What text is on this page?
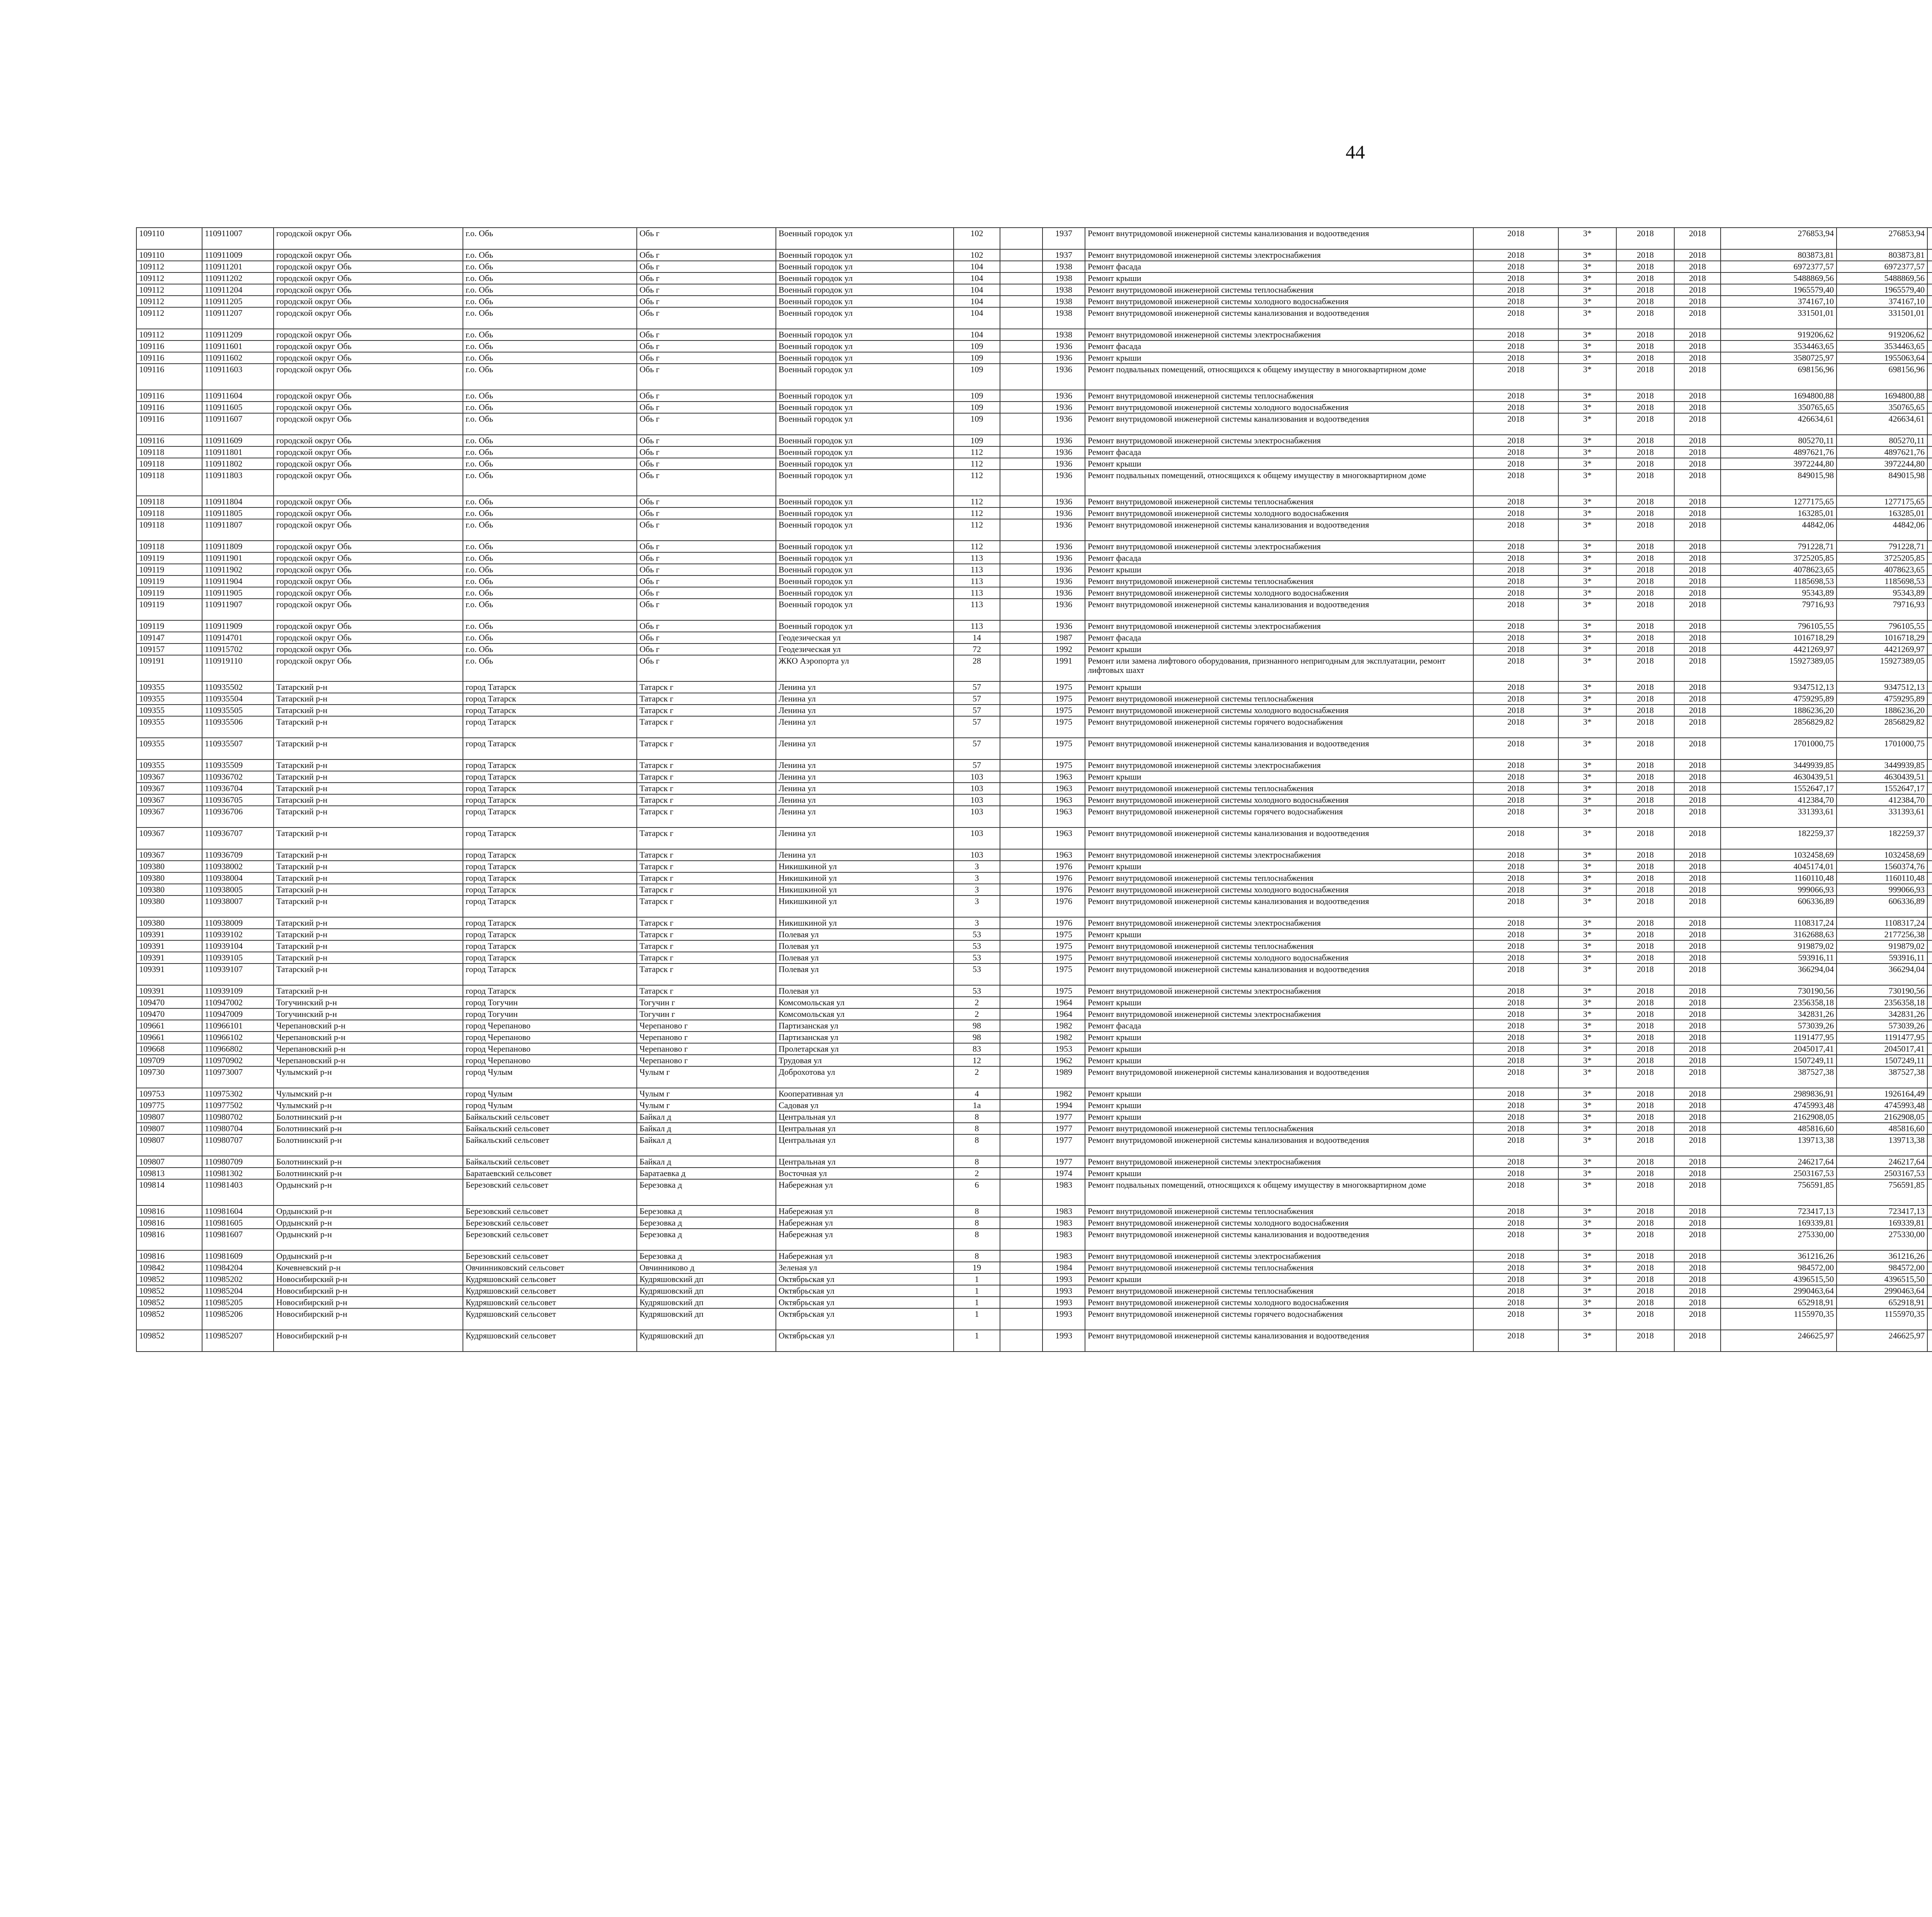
44
109110	110911007	городской округ Обь	г.о. Обь	Обь г	Военный городок ул	102		1937	Ремонт внутридомовой инженерной системы канализования и водоотведения	2018	3*	2018	2018	276853,94	276853,94							
109110	110911009	городской округ Обь	г.о. Обь	Обь г	Военный городок ул	102		1937	Ремонт внутридомовой инженерной системы электроснабжения	2018	3*	2018	2018	803873,81	803873,81							
109112	110911201	городской округ Обь	г.о. Обь	Обь г	Военный городок ул	104		1938	Ремонт фасада	2018	3*	2018	2018	6972377,57	6972377,57							
109112	110911202	городской округ Обь	г.о. Обь	Обь г	Военный городок ул	104		1938	Ремонт крыши	2018	3*	2018	2018	5488869,56	5488869,56							
109112	110911204	городской округ Обь	г.о. Обь	Обь г	Военный городок ул	104		1938	Ремонт внутридомовой инженерной системы теплоснабжения	2018	3*	2018	2018	1965579,40	1965579,40							
109112	110911205	городской округ Обь	г.о. Обь	Обь г	Военный городок ул	104		1938	Ремонт внутридомовой инженерной системы холодного водоснабжения	2018	3*	2018	2018	374167,10	374167,10							
109112	110911207	городской округ Обь	г.о. Обь	Обь г	Военный городок ул	104		1938	Ремонт внутридомовой инженерной системы канализования и водоотведения	2018	3*	2018	2018	331501,01	331501,01							
109112	110911209	городской округ Обь	г.о. Обь	Обь г	Военный городок ул	104		1938	Ремонт внутридомовой инженерной системы электроснабжения	2018	3*	2018	2018	919206,62	919206,62							
109116	110911601	городской округ Обь	г.о. Обь	Обь г	Военный городок ул	109		1936	Ремонт фасада	2018	3*	2018	2018	3534463,65	3534463,65							
109116	110911602	городской округ Обь	г.о. Обь	Обь г	Военный городок ул	109		1936	Ремонт крыши	2018	3*	2018	2018	3580725,97	1955063,64							
109116	110911603	городской округ Обь	г.о. Обь	Обь г	Военный городок ул	109		1936	Ремонт подвальных помещений, относящихся к общему имуществу в многоквартирном доме	2018	3*	2018	2018	698156,96	698156,96							
109116	110911604	городской округ Обь	г.о. Обь	Обь г	Военный городок ул	109		1936	Ремонт внутридомовой инженерной системы теплоснабжения	2018	3*	2018	2018	1694800,88	1694800,88							
109116	110911605	городской округ Обь	г.о. Обь	Обь г	Военный городок ул	109		1936	Ремонт внутридомовой инженерной системы холодного водоснабжения	2018	3*	2018	2018	350765,65	350765,65							
109116	110911607	городской округ Обь	г.о. Обь	Обь г	Военный городок ул	109		1936	Ремонт внутридомовой инженерной системы канализования и водоотведения	2018	3*	2018	2018	426634,61	426634,61							
109116	110911609	городской округ Обь	г.о. Обь	Обь г	Военный городок ул	109		1936	Ремонт внутридомовой инженерной системы электроснабжения	2018	3*	2018	2018	805270,11	805270,11							
109118	110911801	городской округ Обь	г.о. Обь	Обь г	Военный городок ул	112		1936	Ремонт фасада	2018	3*	2018	2018	4897621,76	4897621,76							
109118	110911802	городской округ Обь	г.о. Обь	Обь г	Военный городок ул	112		1936	Ремонт крыши	2018	3*	2018	2018	3972244,80	3972244,80							
109118	110911803	городской округ Обь	г.о. Обь	Обь г	Военный городок ул	112		1936	Ремонт подвальных помещений, относящихся к общему имуществу в многоквартирном доме	2018	3*	2018	2018	849015,98	849015,98							
109118	110911804	городской округ Обь	г.о. Обь	Обь г	Военный городок ул	112		1936	Ремонт внутридомовой инженерной системы теплоснабжения	2018	3*	2018	2018	1277175,65	1277175,65							
109118	110911805	городской округ Обь	г.о. Обь	Обь г	Военный городок ул	112		1936	Ремонт внутридомовой инженерной системы холодного водоснабжения	2018	3*	2018	2018	163285,01	163285,01							
109118	110911807	городской округ Обь	г.о. Обь	Обь г	Военный городок ул	112		1936	Ремонт внутридомовой инженерной системы канализования и водоотведения	2018	3*	2018	2018	44842,06	44842,06							
109118	110911809	городской округ Обь	г.о. Обь	Обь г	Военный городок ул	112		1936	Ремонт внутридомовой инженерной системы электроснабжения	2018	3*	2018	2018	791228,71	791228,71							
109119	110911901	городской округ Обь	г.о. Обь	Обь г	Военный городок ул	113		1936	Ремонт фасада	2018	3*	2018	2018	3725205,85	3725205,85							
109119	110911902	городской округ Обь	г.о. Обь	Обь г	Военный городок ул	113		1936	Ремонт крыши	2018	3*	2018	2018	4078623,65	4078623,65							
109119	110911904	городской округ Обь	г.о. Обь	Обь г	Военный городок ул	113		1936	Ремонт внутридомовой инженерной системы теплоснабжения	2018	3*	2018	2018	1185698,53	1185698,53							
109119	110911905	городской округ Обь	г.о. Обь	Обь г	Военный городок ул	113		1936	Ремонт внутридомовой инженерной системы холодного водоснабжения	2018	3*	2018	2018	95343,89	95343,89							
109119	110911907	городской округ Обь	г.о. Обь	Обь г	Военный городок ул	113		1936	Ремонт внутридомовой инженерной системы канализования и водоотведения	2018	3*	2018	2018	79716,93	79716,93							
109119	110911909	городской округ Обь	г.о. Обь	Обь г	Военный городок ул	113		1936	Ремонт внутридомовой инженерной системы электроснабжения	2018	3*	2018	2018	796105,55	796105,55							
109147	110914701	городской округ Обь	г.о. Обь	Обь г	Геодезическая ул	14		1987	Ремонт фасада	2018	3*	2018	2018	1016718,29	1016718,29							
109157	110915702	городской округ Обь	г.о. Обь	Обь г	Геодезическая ул	72		1992	Ремонт крыши	2018	3*	2018	2018	4421269,97	4421269,97							
109191	110919110	городской округ Обь	г.о. Обь	Обь г	ЖКО Аэропорта ул	28		1991	Ремонт или замена лифтового оборудования, признанного непригодным для эксплуатации, ремонт лифтовых шахт	2018	3*	2018	2018	15927389,05	15927389,05							
109355	110935502	Татарский р-н	город Татарск	Татарск г	Ленина ул	57		1975	Ремонт крыши	2018	3*	2018	2018	9347512,13	9347512,13							
109355	110935504	Татарский р-н	город Татарск	Татарск г	Ленина ул	57		1975	Ремонт внутридомовой инженерной системы теплоснабжения	2018	3*	2018	2018	4759295,89	4759295,89							
109355	110935505	Татарский р-н	город Татарск	Татарск г	Ленина ул	57		1975	Ремонт внутридомовой инженерной системы холодного водоснабжения	2018	3*	2018	2018	1886236,20	1886236,20							
109355	110935506	Татарский р-н	город Татарск	Татарск г	Ленина ул	57		1975	Ремонт внутридомовой инженерной системы горячего водоснабжения	2018	3*	2018	2018	2856829,82	2856829,82							
109355	110935507	Татарский р-н	город Татарск	Татарск г	Ленина ул	57		1975	Ремонт внутридомовой инженерной системы канализования и водоотведения	2018	3*	2018	2018	1701000,75	1701000,75							
109355	110935509	Татарский р-н	город Татарск	Татарск г	Ленина ул	57		1975	Ремонт внутридомовой инженерной системы электроснабжения	2018	3*	2018	2018	3449939,85	3449939,85							
109367	110936702	Татарский р-н	город Татарск	Татарск г	Ленина ул	103		1963	Ремонт крыши	2018	3*	2018	2018	4630439,51	4630439,51							
109367	110936704	Татарский р-н	город Татарск	Татарск г	Ленина ул	103		1963	Ремонт внутридомовой инженерной системы теплоснабжения	2018	3*	2018	2018	1552647,17	1552647,17							
109367	110936705	Татарский р-н	город Татарск	Татарск г	Ленина ул	103		1963	Ремонт внутридомовой инженерной системы холодного водоснабжения	2018	3*	2018	2018	412384,70	412384,70							
109367	110936706	Татарский р-н	город Татарск	Татарск г	Ленина ул	103		1963	Ремонт внутридомовой инженерной системы горячего водоснабжения	2018	3*	2018	2018	331393,61	331393,61							
109367	110936707	Татарский р-н	город Татарск	Татарск г	Ленина ул	103		1963	Ремонт внутридомовой инженерной системы канализования и водоотведения	2018	3*	2018	2018	182259,37	182259,37							
109367	110936709	Татарский р-н	город Татарск	Татарск г	Ленина ул	103		1963	Ремонт внутридомовой инженерной системы электроснабжения	2018	3*	2018	2018	1032458,69	1032458,69							
109380	110938002	Татарский р-н	город Татарск	Татарск г	Никишкиной ул	3		1976	Ремонт крыши	2018	3*	2018	2018	4045174,01	1560374,76							
109380	110938004	Татарский р-н	город Татарск	Татарск г	Никишкиной ул	3		1976	Ремонт внутридомовой инженерной системы теплоснабжения	2018	3*	2018	2018	1160110,48	1160110,48							
109380	110938005	Татарский р-н	город Татарск	Татарск г	Никишкиной ул	3		1976	Ремонт внутридомовой инженерной системы холодного водоснабжения	2018	3*	2018	2018	999066,93	999066,93							
109380	110938007	Татарский р-н	город Татарск	Татарск г	Никишкиной ул	3		1976	Ремонт внутридомовой инженерной системы канализования и водоотведения	2018	3*	2018	2018	606336,89	606336,89							
109380	110938009	Татарский р-н	город Татарск	Татарск г	Никишкиной ул	3		1976	Ремонт внутридомовой инженерной системы электроснабжения	2018	3*	2018	2018	1108317,24	1108317,24							
109391	110939102	Татарский р-н	город Татарск	Татарск г	Полевая ул	53		1975	Ремонт крыши	2018	3*	2018	2018	3162688,63	2177256,38							
109391	110939104	Татарский р-н	город Татарск	Татарск г	Полевая ул	53		1975	Ремонт внутридомовой инженерной системы теплоснабжения	2018	3*	2018	2018	919879,02	919879,02							
109391	110939105	Татарский р-н	город Татарск	Татарск г	Полевая ул	53		1975	Ремонт внутридомовой инженерной системы холодного водоснабжения	2018	3*	2018	2018	593916,11	593916,11							
109391	110939107	Татарский р-н	город Татарск	Татарск г	Полевая ул	53		1975	Ремонт внутридомовой инженерной системы канализования и водоотведения	2018	3*	2018	2018	366294,04	366294,04							
109391	110939109	Татарский р-н	город Татарск	Татарск г	Полевая ул	53		1975	Ремонт внутридомовой инженерной системы электроснабжения	2018	3*	2018	2018	730190,56	730190,56							
109470	110947002	Тогучинский р-н	город Тогучин	Тогучин г	Комсомольская ул	2		1964	Ремонт крыши	2018	3*	2018	2018	2356358,18	2356358,18							
109470	110947009	Тогучинский р-н	город Тогучин	Тогучин г	Комсомольская ул	2		1964	Ремонт внутридомовой инженерной системы электроснабжения	2018	3*	2018	2018	342831,26	342831,26							
109661	110966101	Черепановский р-н	город Черепаново	Черепаново г	Партизанская ул	98		1982	Ремонт фасада	2018	3*	2018	2018	573039,26	573039,26							
109661	110966102	Черепановский р-н	город Черепаново	Черепаново г	Партизанская ул	98		1982	Ремонт крыши	2018	3*	2018	2018	1191477,95	1191477,95							
109668	110966802	Черепановский р-н	город Черепаново	Черепаново г	Пролетарская ул	83		1953	Ремонт крыши	2018	3*	2018	2018	2045017,41	2045017,41							
109709	110970902	Черепановский р-н	город Черепаново	Черепаново г	Трудовая ул	12		1962	Ремонт крыши	2018	3*	2018	2018	1507249,11	1507249,11							
109730	110973007	Чулымский р-н	город Чулым	Чулым г	Доброхотова ул	2		1989	Ремонт внутридомовой инженерной системы канализования и водоотведения	2018	3*	2018	2018	387527,38	387527,38							
109753	110975302	Чулымский р-н	город Чулым	Чулым г	Кооперативная ул	4		1982	Ремонт крыши	2018	3*	2018	2018	2989836,91	1926164,49							
109775	110977502	Чулымский р-н	город Чулым	Чулым г	Садовая ул	1а		1994	Ремонт крыши	2018	3*	2018	2018	4745993,48	4745993,48							
109807	110980702	Болотнинский р-н	Байкальский сельсовет	Байкал д	Центральная ул	8		1977	Ремонт крыши	2018	3*	2018	2018	2162908,05	2162908,05							
109807	110980704	Болотнинский р-н	Байкальский сельсовет	Байкал д	Центральная ул	8		1977	Ремонт внутридомовой инженерной системы теплоснабжения	2018	3*	2018	2018	485816,60	485816,60							
109807	110980707	Болотнинский р-н	Байкальский сельсовет	Байкал д	Центральная ул	8		1977	Ремонт внутридомовой инженерной системы канализования и водоотведения	2018	3*	2018	2018	139713,38	139713,38							
109807	110980709	Болотнинский р-н	Байкальский сельсовет	Байкал д	Центральная ул	8		1977	Ремонт внутридомовой инженерной системы электроснабжения	2018	3*	2018	2018	246217,64	246217,64							
109813	110981302	Болотнинский р-н	Баратаевский сельсовет	Баратаевка д	Восточная ул	2		1974	Ремонт крыши	2018	3*	2018	2018	2503167,53	2503167,53							
109814	110981403	Ордынский р-н	Березовский сельсовет	Березовка д	Набережная ул	6		1983	Ремонт подвальных помещений, относящихся к общему имуществу в многоквартирном доме	2018	3*	2018	2018	756591,85	756591,85							
109816	110981604	Ордынский р-н	Березовский сельсовет	Березовка д	Набережная ул	8		1983	Ремонт внутридомовой инженерной системы теплоснабжения	2018	3*	2018	2018	723417,13	723417,13							
109816	110981605	Ордынский р-н	Березовский сельсовет	Березовка д	Набережная ул	8		1983	Ремонт внутридомовой инженерной системы холодного водоснабжения	2018	3*	2018	2018	169339,81	169339,81							
109816	110981607	Ордынский р-н	Березовский сельсовет	Березовка д	Набережная ул	8		1983	Ремонт внутридомовой инженерной системы канализования и водоотведения	2018	3*	2018	2018	275330,00	275330,00							
109816	110981609	Ордынский р-н	Березовский сельсовет	Березовка д	Набережная ул	8		1983	Ремонт внутридомовой инженерной системы электроснабжения	2018	3*	2018	2018	361216,26	361216,26							
109842	110984204	Кочевневский р-н	Овчинниковский сельсовет	Овчинниково д	Зеленая ул	19		1984	Ремонт внутридомовой инженерной системы теплоснабжения	2018	3*	2018	2018	984572,00	984572,00							
109852	110985202	Новосибирский р-н	Кудряшовский сельсовет	Кудряшовский дп	Октябрьская ул	1		1993	Ремонт крыши	2018	3*	2018	2018	4396515,50	4396515,50							
109852	110985204	Новосибирский р-н	Кудряшовский сельсовет	Кудряшовский дп	Октябрьская ул	1		1993	Ремонт внутридомовой инженерной системы теплоснабжения	2018	3*	2018	2018	2990463,64	2990463,64							
109852	110985205	Новосибирский р-н	Кудряшовский сельсовет	Кудряшовский дп	Октябрьская ул	1		1993	Ремонт внутридомовой инженерной системы холодного водоснабжения	2018	3*	2018	2018	652918,91	652918,91							
109852	110985206	Новосибирский р-н	Кудряшовский сельсовет	Кудряшовский дп	Октябрьская ул	1		1993	Ремонт внутридомовой инженерной системы горячего водоснабжения	2018	3*	2018	2018	1155970,35	1155970,35							
109852	110985207	Новосибирский р-н	Кудряшовский сельсовет	Кудряшовский дп	Октябрьская ул	1		1993	Ремонт внутридомовой инженерной системы канализования и водоотведения	2018	3*	2018	2018	246625,97	246625,97							
